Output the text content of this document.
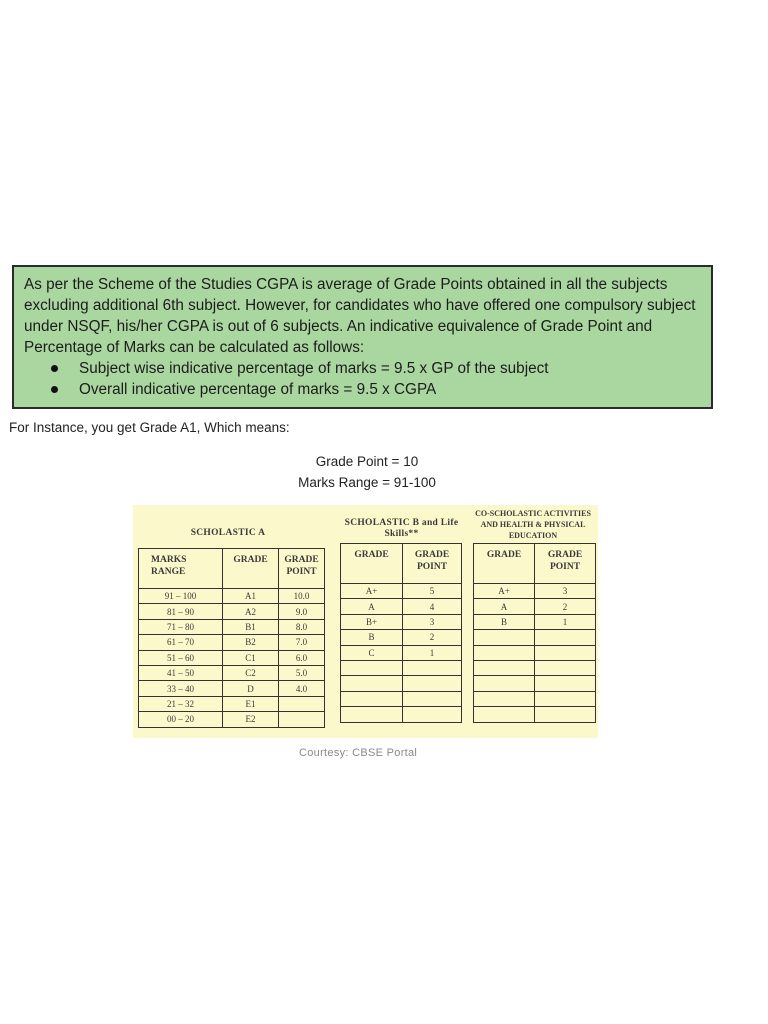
As per the Scheme of the Studies CGPA is average of Grade Points obtained in all the subjects excluding additional 6th subject. However, for candidates who have offered one compulsory subject under NSQF, his/her CGPA is out of 6 subjects. An indicative equivalence of Grade Point and Percentage of Marks can be calculated as follows:

Subject wise indicative percentage of marks = 9.5 x GP of the subject
Overall indicative percentage of marks = 9.5 x CGPA
For Instance, you get Grade A1, Which means:
Grade Point = 10
Marks Range = 91-100
SCHOLASTIC A
SCHOLASTIC B and Life Skills**
CO-SCHOLASTIC ACTIVITIES AND HEALTH & PHYSICAL EDUCATION
MARKS RANGE	GRADE	GRADE POINT
91 – 100	A1	10.0
81 – 90	A2	9.0
71 – 80	B1	8.0
61 – 70	B2	7.0
51 – 60	C1	6.0
41 – 50	C2	5.0
33 – 40	D	4.0
21 – 32	E1	
00 – 20	E2	
GRADE	GRADE POINT
A+	5
A	4
B+	3
B	2
C	1

GRADE	GRADE POINT
A+	3
A	2
B	1

Courtesy: CBSE Portal
